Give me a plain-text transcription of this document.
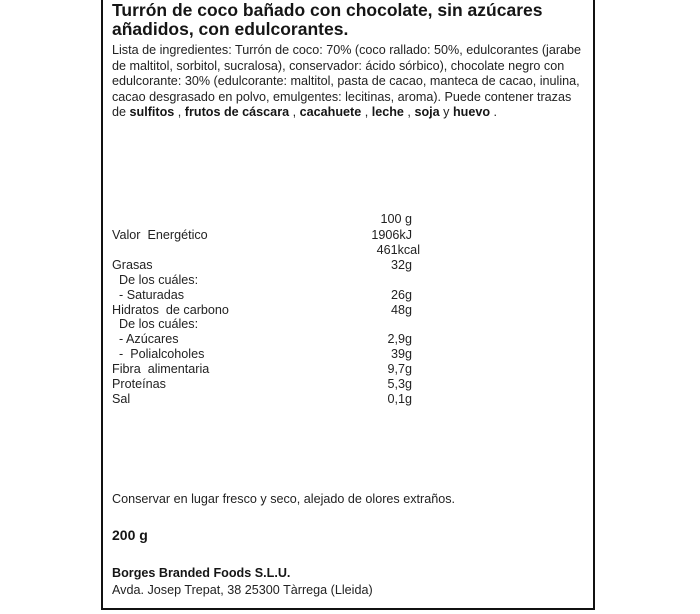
Turrón de coco bañado con chocolate, sin azúcares añadidos, con edulcorantes.
Lista de ingredientes: Turrón de coco: 70% (coco rallado: 50%, edulcorantes (jarabe de maltitol, sorbitol, sucralosa), conservador: ácido sórbico), chocolate negro con edulcorante: 30% (edulcorante: maltitol, pasta de cacao, manteca de cacao, inulina, cacao desgrasado en polvo, emulgentes: lecitinas, aroma). Puede contener trazas de sulfitos , frutos de cáscara , cacahuete , leche , soja y huevo .
100 g
Valor  Energético	1906kJ
461kcal
Grasas	32g
De los cuáles:
- Saturadas	26g
Hidratos  de carbono	48g
De los cuáles:
- Azúcares	2,9g
-  Polialcoholes	39g
Fibra  alimentaria	9,7g
Proteínas	5,3g
Sal	0,1g
Conservar en lugar fresco y seco, alejado de olores extraños.
200 g
Borges Branded Foods S.L.U.
Avda. Josep Trepat, 38 25300 Tàrrega (Lleida)
